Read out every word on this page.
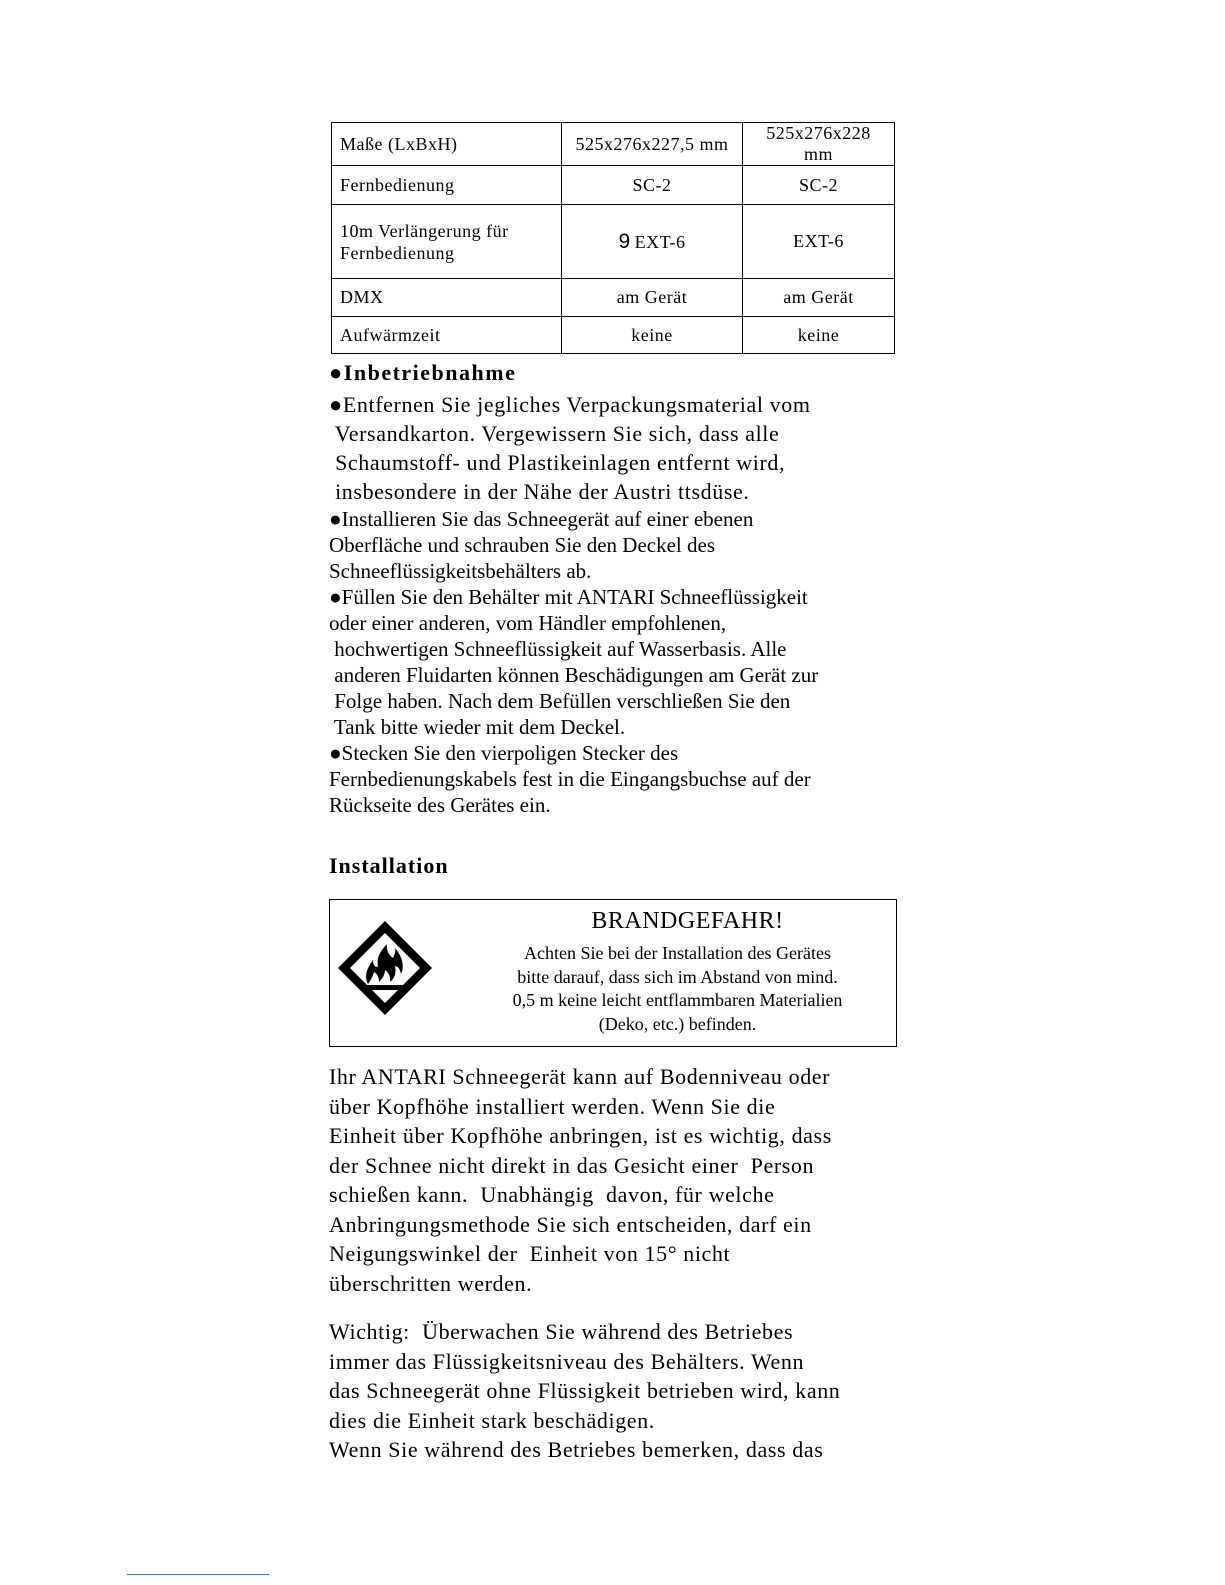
Maße (LxBxH)	525x276x227,5 mm	525x276x228 mm
Fernbedienung	SC-2	SC-2
10m Verlängerung für
Fernbedienung	9 EXT-6	EXT-6
DMX	am Gerät	am Gerät
Aufwärmzeit	keine	keine
●Inbetriebnahme
●Entfernen Sie jegliches Verpackungsmaterial vom
Versandkarton. Vergewissern Sie sich, dass alle
Schaumstoff- und Plastikeinlagen entfernt wird,
insbesondere in der Nähe der Austri ttsdüse.
●Installieren Sie das Schneegerät auf einer ebenen
Oberfläche und schrauben Sie den Deckel des
Schneeflüssigkeitsbehälters ab.
●Füllen Sie den Behälter mit ANTARI Schneeflüssigkeit
oder einer anderen, vom Händler empfohlenen,
hochwertigen Schneeflüssigkeit auf Wasserbasis. Alle
anderen Fluidarten können Beschädigungen am Gerät zur
Folge haben. Nach dem Befüllen verschließen Sie den
Tank bitte wieder mit dem Deckel.
●Stecken Sie den vierpoligen Stecker des
Fernbedienungskabels fest in die Eingangsbuchse auf der
Rückseite des Gerätes ein.
Installation
BRANDGEFAHR!
Achten Sie bei der Installation des Gerätes
bitte darauf, dass sich im Abstand von mind.
0,5 m keine leicht entflammbaren Materialien
(Deko, etc.) befinden.
Ihr ANTARI Schneegerät kann auf Bodenniveau oder
über Kopfhöhe installiert werden. Wenn Sie die
Einheit über Kopfhöhe anbringen, ist es wichtig, dass
der Schnee nicht direkt in das Gesicht einer  Person
schießen kann.  Unabhängig  davon, für welche
Anbringungsmethode Sie sich entscheiden, darf ein
Neigungswinkel der  Einheit von 15° nicht
überschritten werden.
Wichtig:  Überwachen Sie während des Betriebes
immer das Flüssigkeitsniveau des Behälters. Wenn
das Schneegerät ohne Flüssigkeit betrieben wird, kann
dies die Einheit stark beschädigen.
Wenn Sie während des Betriebes bemerken, dass das
